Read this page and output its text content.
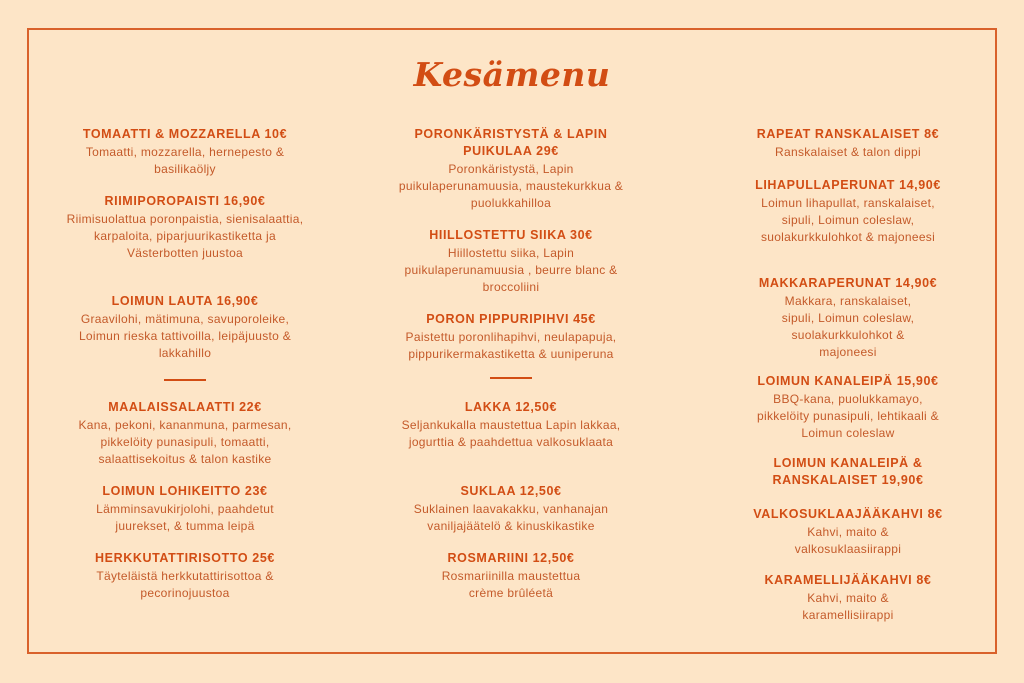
Kesämenu
TOMAATTI & MOZZARELLA 10€
Tomaatti, mozzarella, hernepesto & basilikaöljy
RIIMIPOROPAISTI 16,90€
Riimisuolattua poronpaistia, sienisalaattia, karpaloita, piparjuurikastiketta ja Västerbotten juustoa
LOIMUN LAUTA 16,90€
Graavilohi, mätimuna, savuporoleike, Loimun rieska tattivoilla, leipäjuusto & lakkahillo
MAALAISSALAATTI 22€
Kana, pekoni, kananmuna, parmesan, pikkelöity punasipuli, tomaatti, salaattisekoitus & talon kastike
LOIMUN LOHIKEITTO 23€
Lämminsavukirjolohi, paahdetut juurekset, & tumma leipä
HERKKUTATTIRISOTTO 25€
Täyteläistä herkkutattirisottoa & pecorinojuustoa
PORONKÄRISTYSTÄ & LAPIN PUIKULAA 29€
Poronkäristystä, Lapin puikulaperunamuusia, maustekurkkua & puolukkahilloa
HIILLOSTETTU SIIKA 30€
Hiillostettu siika, Lapin puikulaperunamuusia , beurre blanc & broccoliini
PORON PIPPURIPIHVI 45€
Paistettu poronlihapihvi, neulapapuja, pippurikermakastiketta & uuniperuna
LAKKA 12,50€
Seljankukalla maustettua Lapin lakkaa, jogurttia & paahdettua valkosuklaata
SUKLAA 12,50€
Suklainen laavakakku, vanhanajan vaniljajäätelö & kinuskikastike
ROSMARIINI 12,50€
Rosmariinilla maustettua crème brûléetä
RAPEAT RANSKALAISET 8€
Ranskalaiset & talon dippi
LIHAPULLAPERUNAT 14,90€
Loimun lihapullat, ranskalaiset, sipuli, Loimun coleslaw, suolakurkkulohkot & majoneesi
MAKKARAPERUNAT 14,90€
Makkara, ranskalaiset, sipuli, Loimun coleslaw, suolakurkkulohkot & majoneesi
LOIMUN KANALEIPÄ 15,90€
BBQ-kana, puolukkamayo, pikkelöity punasipuli, lehtikaali & Loimun coleslaw
LOIMUN KANALEIPÄ & RANSKALAISET 19,90€
VALKOSUKLAAJÄÄKAHVI 8€
Kahvi, maito & valkosuklaasiirappi
KARAMELLIJÄÄKAHVI 8€
Kahvi, maito & karamellisiirappi
